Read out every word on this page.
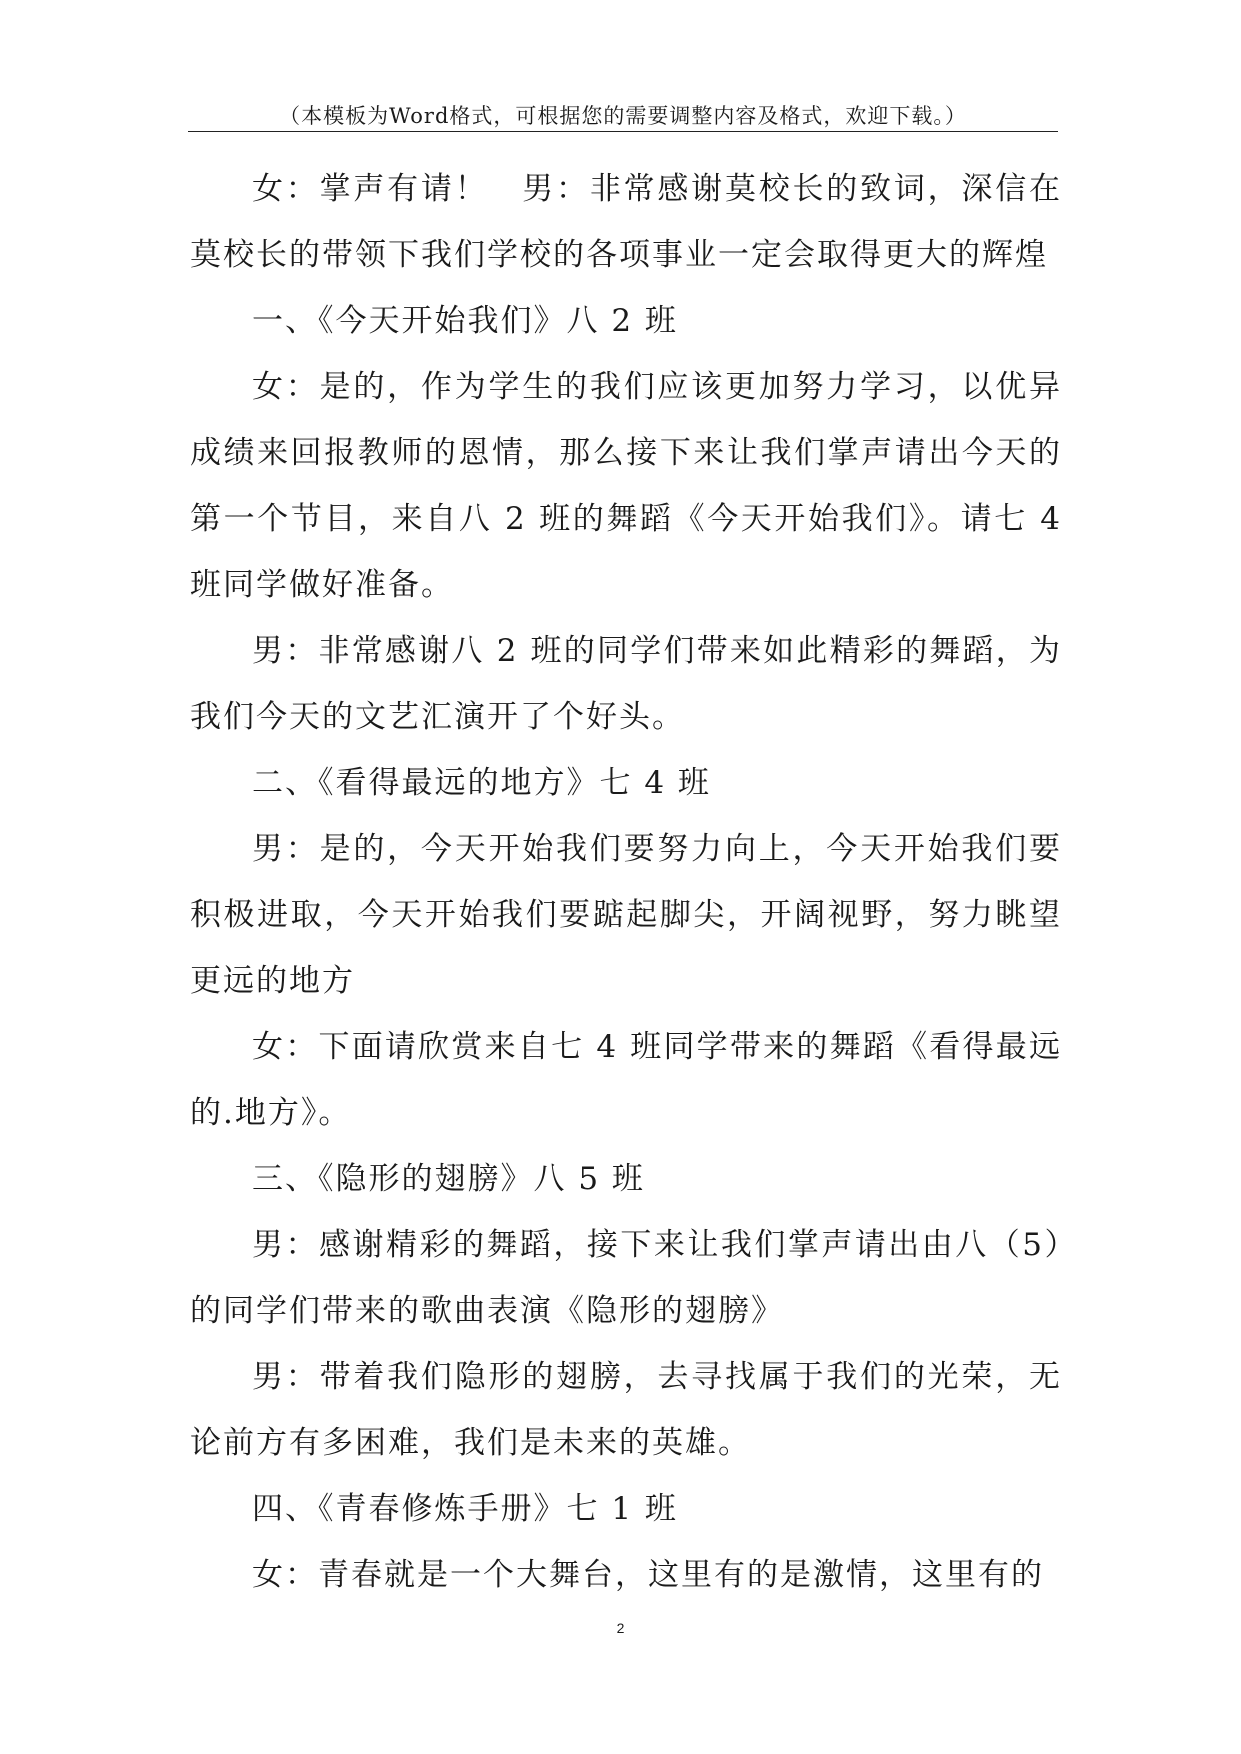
（本模板为Word格式，可根据您的需要调整内容及格式，欢迎下载。）

女：掌声有请！　男：非常感谢莫校长的致词，深信在莫校长的带领下我们学校的各项事业一定会取得更大的辉煌

一、《今天开始我们》八 2 班

女：是的，作为学生的我们应该更加努力学习，以优异成绩来回报教师的恩情，那么接下来让我们掌声请出今天的第一个节目，来自八 2 班的舞蹈《今天开始我们》。请七 4 班同学做好准备。

男：非常感谢八 2 班的同学们带来如此精彩的舞蹈，为我们今天的文艺汇演开了个好头。

二、《看得最远的地方》七 4 班

男：是的，今天开始我们要努力向上，今天开始我们要积极进取，今天开始我们要踮起脚尖，开阔视野，努力眺望更远的地方

女：下面请欣赏来自七 4 班同学带来的舞蹈《看得最远的.地方》。

三、《隐形的翅膀》八 5 班

男：感谢精彩的舞蹈，接下来让我们掌声请出由八（5）的同学们带来的歌曲表演《隐形的翅膀》

男：带着我们隐形的翅膀，去寻找属于我们的光荣，无论前方有多困难，我们是未来的英雄。

四、《青春修炼手册》七 1 班

女：青春就是一个大舞台，这里有的是激情，这里有的

2
